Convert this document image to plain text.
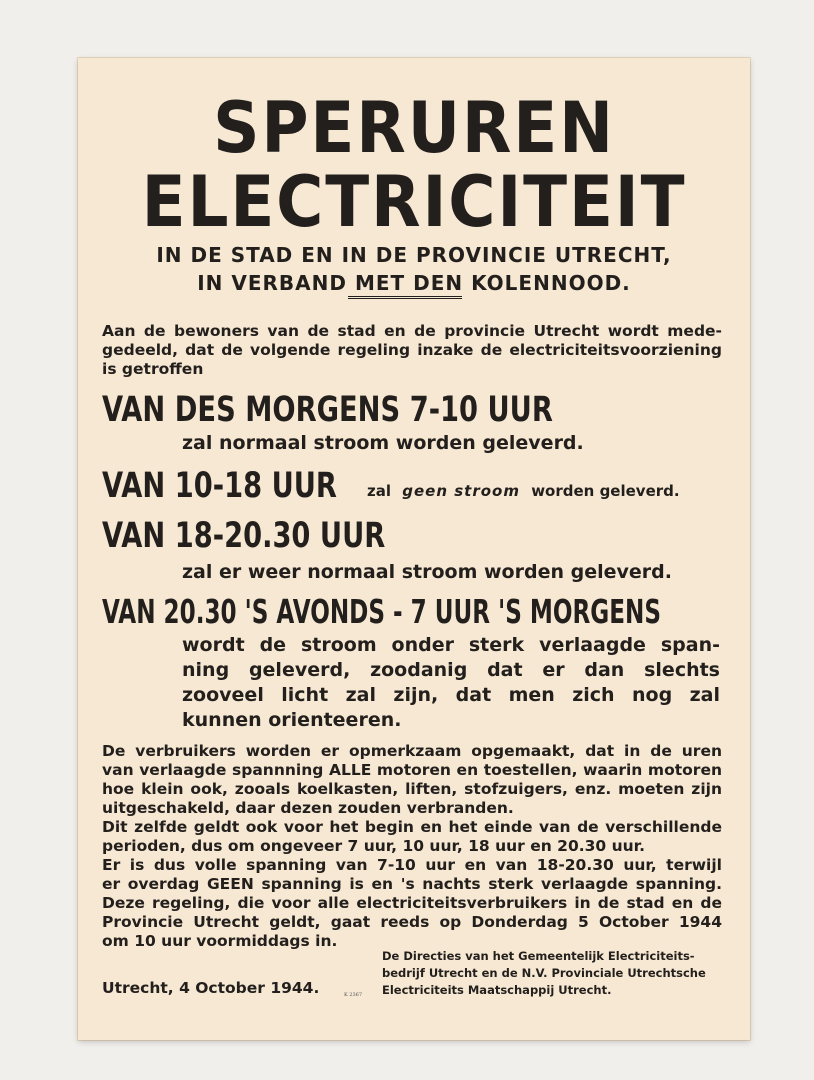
SPERUREN
ELECTRICITEIT
IN DE STAD EN IN DE PROVINCIE UTRECHT,
IN VERBAND MET DEN KOLENNOOD.
Aan de bewoners van de stad en de provincie Utrecht wordt mede-
gedeeld, dat de volgende regeling inzake de electriciteitsvoorziening
is getroffen
VAN DES MORGENS 7-10 UUR
zal normaal stroom worden geleverd.
VAN 10-18 UUR zal geen stroom worden geleverd.
VAN 18-20.30 UUR
zal er weer normaal stroom worden geleverd.
VAN 20.30 'S AVONDS - 7 UUR 'S MORGENS
wordt de stroom onder sterk verlaagde span-
ning geleverd, zoodanig dat er dan slechts
zooveel licht zal zijn, dat men zich nog zal
kunnen orienteeren.
De verbruikers worden er opmerkzaam opgemaakt, dat in de uren
van verlaagde spannning ALLE motoren en toestellen, waarin motoren
hoe klein ook, zooals koelkasten, liften, stofzuigers, enz. moeten zijn
uitgeschakeld, daar dezen zouden verbranden.
Dit zelfde geldt ook voor het begin en het einde van de verschillende
perioden, dus om ongeveer 7 uur, 10 uur, 18 uur en 20.30 uur.
Er is dus volle spanning van 7-10 uur en van 18-20.30 uur, terwijl
er overdag GEEN spanning is en 's nachts sterk verlaagde spanning.
Deze regeling, die voor alle electriciteitsverbruikers in de stad en de
Provincie Utrecht geldt, gaat reeds op Donderdag 5 October 1944
om 10 uur voormiddags in.
Utrecht, 4 October 1944.	K 2367
De Directies van het Gemeentelijk Electriciteits-
bedrijf Utrecht en de N.V. Provinciale Utrechtsche
Electriciteits Maatschappij Utrecht.
